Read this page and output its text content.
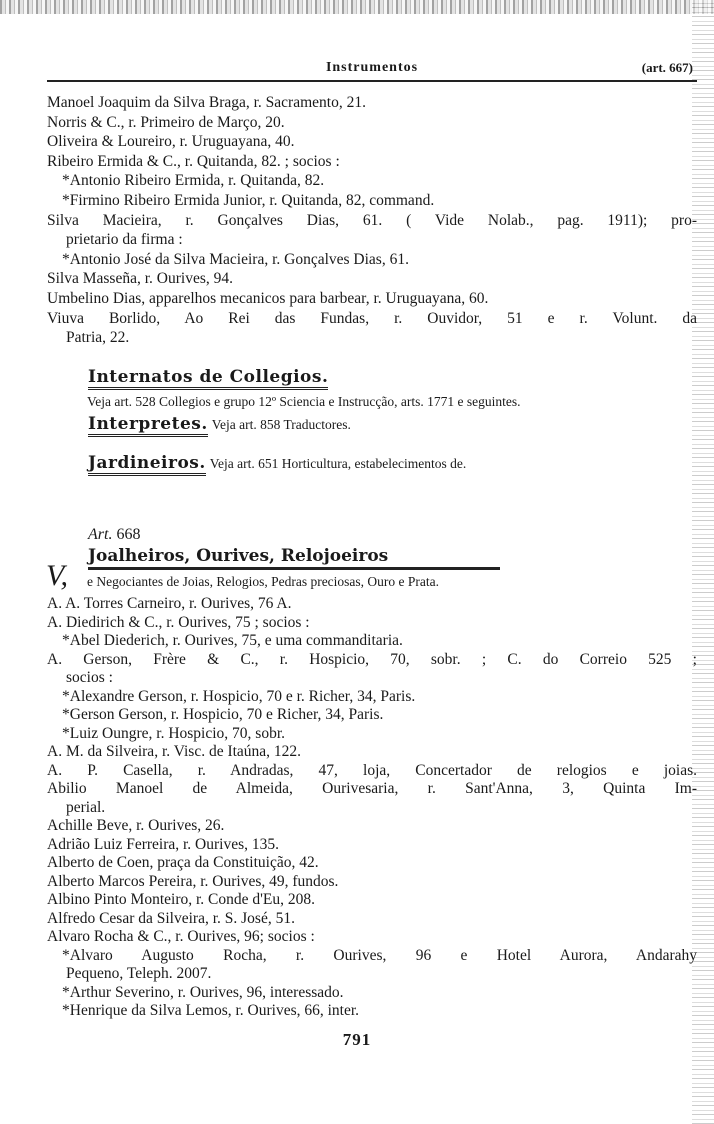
Instrumentos	(art. 667)
Manoel Joaquim da Silva Braga, r. Sacramento, 21.
Norris & C., r. Primeiro de Março, 20.
Oliveira & Loureiro, r. Uruguayana, 40.
Ribeiro Ermida & C., r. Quitanda, 82. ; socios :
*Antonio Ribeiro Ermida, r. Quitanda, 82.
*Firmino Ribeiro Ermida Junior, r. Quitanda, 82, command.
Silva Macieira, r. Gonçalves Dias, 61. ( Vide Nolab., pag. 1911); pro-
prietario da firma :
*Antonio José da Silva Macieira, r. Gonçalves Dias, 61.
Silva Masseña, r. Ourives, 94.
Umbelino Dias, apparelhos mecanicos para barbear, r. Uruguayana, 60.
Viuva Borlido, Ao Rei das Fundas, r. Ouvidor, 51 e r. Volunt. da
Patria, 22.
Internatos de Collegios.
Veja art. 528 Collegios e grupo 12º Sciencia e Instrucção, arts. 1771 e seguintes.
Interpretes. Veja art. 858 Traductores.
Jardineiros. Veja art. 651 Horticultura, estabelecimentos de.
Art. 668
Joalheiros, Ourives, Relojoeiros
V, e Negociantes de Joias, Relogios, Pedras preciosas, Ouro e Prata.
A. A. Torres Carneiro, r. Ourives, 76 A.
A. Diedirich & C., r. Ourives, 75 ; socios :
*Abel Diederich, r. Ourives, 75, e uma commanditaria.
A. Gerson, Frère & C., r. Hospicio, 70, sobr. ; C. do Correio 525 ;
socios :
*Alexandre Gerson, r. Hospicio, 70 e r. Richer, 34, Paris.
*Gerson Gerson, r. Hospicio, 70 e Richer, 34, Paris.
*Luiz Oungre, r. Hospicio, 70, sobr.
A. M. da Silveira, r. Visc. de Itaúna, 122.
A. P. Casella, r. Andradas, 47, loja, Concertador de relogios e joias.
Abilio Manoel de Almeida, Ourivesaria, r. Sant'Anna, 3, Quinta Im-
perial.
Achille Beve, r. Ourives, 26.
Adrião Luiz Ferreira, r. Ourives, 135.
Alberto de Coen, praça da Constituição, 42.
Alberto Marcos Pereira, r. Ourives, 49, fundos.
Albino Pinto Monteiro, r. Conde d'Eu, 208.
Alfredo Cesar da Silveira, r. S. José, 51.
Alvaro Rocha & C., r. Ourives, 96; socios :
*Alvaro Augusto Rocha, r. Ourives, 96 e Hotel Aurora, Andarahy
Pequeno, Teleph. 2007.
*Arthur Severino, r. Ourives, 96, interessado.
*Henrique da Silva Lemos, r. Ourives, 66, inter.
791
